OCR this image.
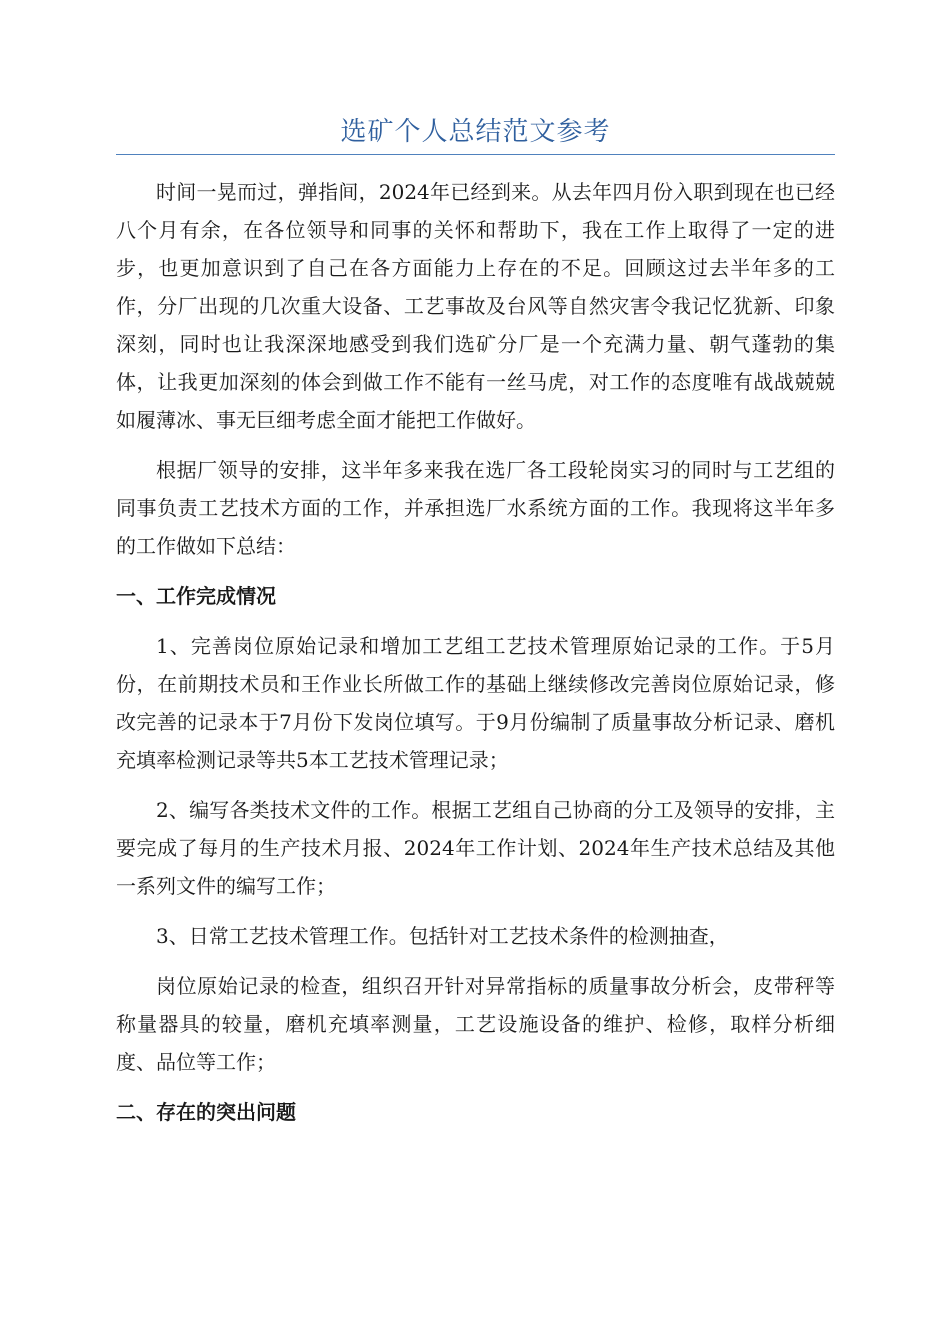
选矿个人总结范文参考

时间一晃而过，弹指间，2024年已经到来。从去年四月份入职到现在也已经八个月有余，在各位领导和同事的关怀和帮助下，我在工作上取得了一定的进步，也更加意识到了自己在各方面能力上存在的不足。回顾这过去半年多的工作，分厂出现的几次重大设备、工艺事故及台风等自然灾害令我记忆犹新、印象深刻，同时也让我深深地感受到我们选矿分厂是一个充满力量、朝气蓬勃的集体，让我更加深刻的体会到做工作不能有一丝马虎，对工作的态度唯有战战兢兢如履薄冰、事无巨细考虑全面才能把工作做好。

根据厂领导的安排，这半年多来我在选厂各工段轮岗实习的同时与工艺组的同事负责工艺技术方面的工作，并承担选厂水系统方面的工作。我现将这半年多的工作做如下总结：

一、工作完成情况

1、完善岗位原始记录和增加工艺组工艺技术管理原始记录的工作。于5月份，在前期技术员和王作业长所做工作的基础上继续修改完善岗位原始记录，修改完善的记录本于7月份下发岗位填写。于9月份编制了质量事故分析记录、磨机充填率检测记录等共5本工艺技术管理记录；

2、编写各类技术文件的工作。根据工艺组自己协商的分工及领导的安排，主要完成了每月的生产技术月报、2024年工作计划、2024年生产技术总结及其他一系列文件的编写工作；

3、日常工艺技术管理工作。包括针对工艺技术条件的检测抽查，

岗位原始记录的检查，组织召开针对异常指标的质量事故分析会，皮带秤等称量器具的较量，磨机充填率测量，工艺设施设备的维护、检修，取样分析细度、品位等工作；

二、存在的突出问题
